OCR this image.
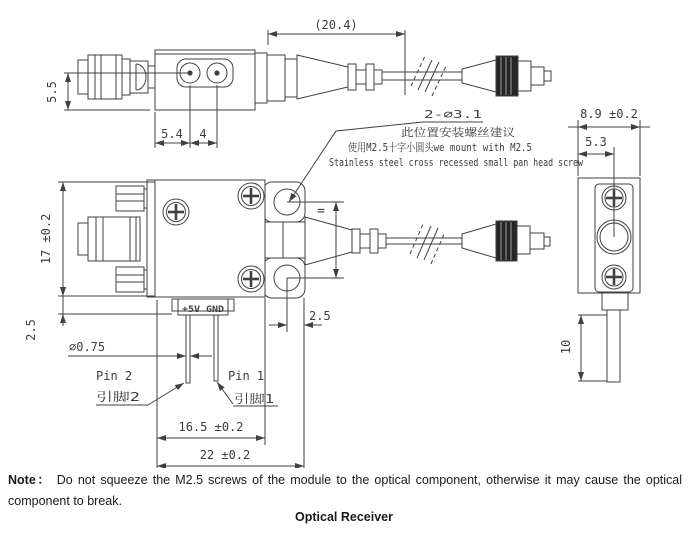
5.5
5.4 4
(20.4)
+5V GND
17 ±0.2
2.5
=
2.5
∅0.75
Pin 2
引脚2
Pin 1
引脚1
16.5 ±0.2
22 ±0.2
8.9 ±0.2
5.3
10
2-∅3.1
此位置安装螺丝建议
使用M2.5十字小圆头we mount with M2.5
Stainless steel cross recessed small pan head screw
Note： Do not squeeze the M2.5 screws of the module to the optical component, otherwise it may cause the optical
component to break.
Optical Receiver
